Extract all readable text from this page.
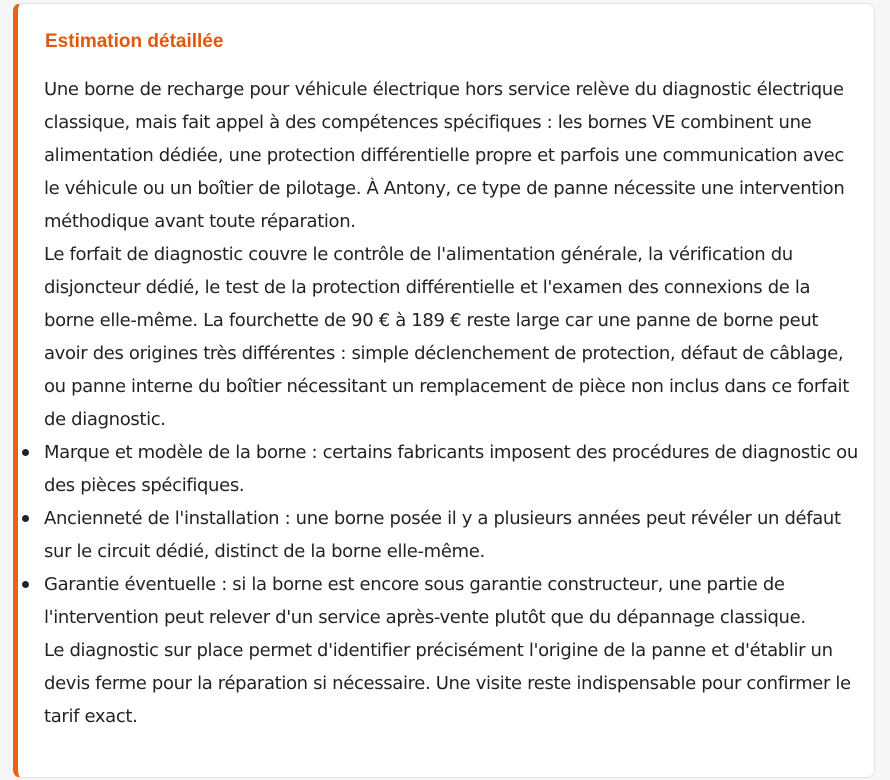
Estimation détaillée

Une borne de recharge pour véhicule électrique hors service relève du diagnostic électrique classique, mais fait appel à des compétences spécifiques : les bornes VE combinent une alimentation dédiée, une protection différentielle propre et parfois une communication avec le véhicule ou un boîtier de pilotage. À Antony, ce type de panne nécessite une intervention méthodique avant toute réparation.

Le forfait de diagnostic couvre le contrôle de l'alimentation générale, la vérification du disjoncteur dédié, le test de la protection différentielle et l'examen des connexions de la borne elle-même. La fourchette de 90 € à 189 € reste large car une panne de borne peut avoir des origines très différentes : simple déclenchement de protection, défaut de câblage, ou panne interne du boîtier nécessitant un remplacement de pièce non inclus dans ce forfait de diagnostic.

Marque et modèle de la borne : certains fabricants imposent des procédures de diagnostic ou des pièces spécifiques.
Ancienneté de l'installation : une borne posée il y a plusieurs années peut révéler un défaut sur le circuit dédié, distinct de la borne elle-même.
Garantie éventuelle : si la borne est encore sous garantie constructeur, une partie de l'intervention peut relever d'un service après-vente plutôt que du dépannage classique.

Le diagnostic sur place permet d'identifier précisément l'origine de la panne et d'établir un devis ferme pour la réparation si nécessaire. Une visite reste indispensable pour confirmer le tarif exact.
